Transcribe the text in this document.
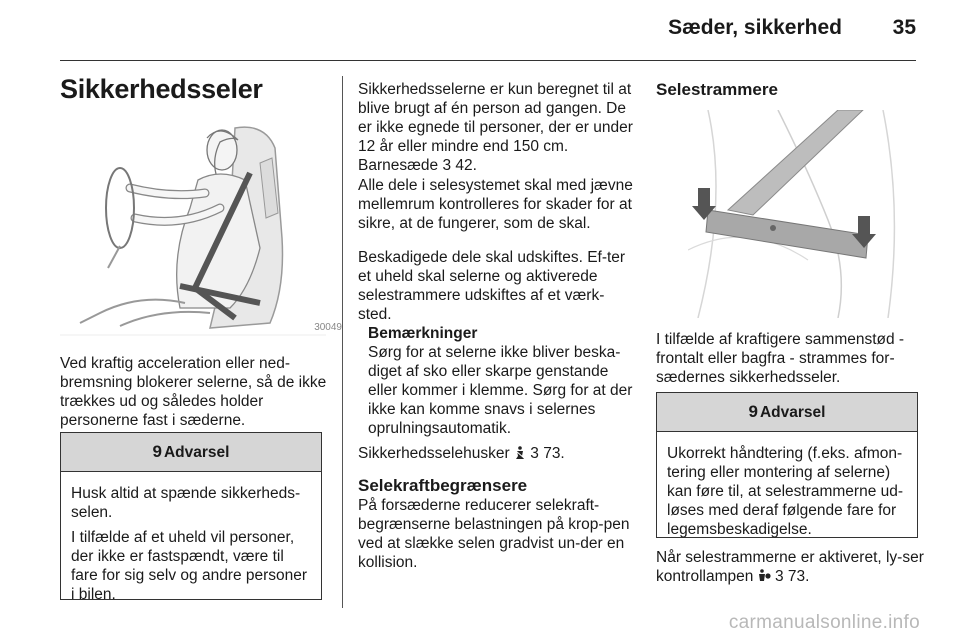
Sæder, sikkerhed 35
Sikkerhedsseler
30049

Ved kraftig acceleration eller ned-bremsning blokerer selerne, så de ikke trækkes ud og således holder personerne fast i sæderne.

9 Advarsel

Husk altid at spænde sikkerheds-selen.

I tilfælde af et uheld vil personer, der ikke er fastspændt, være til fare for sig selv og andre personer i bilen.

Sikkerhedsselerne er kun beregnet til at blive brugt af én person ad gangen. De er ikke egnede til personer, der er under 12 år eller mindre end 150 cm. Barnesæde 3 42.

Alle dele i selesystemet skal med jævne mellemrum kontrolleres for skader for at sikre, at de fungerer, som de skal.

Beskadigede dele skal udskiftes. Ef-ter et uheld skal selerne og aktiverede selestrammere udskiftes af et værk-sted.

Bemærkninger

Sørg for at selerne ikke bliver beska-diget af sko eller skarpe genstande eller kommer i klemme. Sørg for at der ikke kan komme snavs i selernes oprulningsautomatik.

Sikkerhedsselehusker 3 73.

Selekraftbegrænsere

På forsæderne reducerer selekraft-begrænserne belastningen på krop-pen ved at slække selen gradvist un-der en kollision.

Selestrammere

I tilfælde af kraftigere sammenstød - frontalt eller bagfra - strammes for-sædernes sikkerhedsseler.

9 Advarsel

Ukorrekt håndtering (f.eks. afmon-tering eller montering af selerne) kan føre til, at selestrammerne ud-løses med deraf følgende fare for legemsbeskadigelse.

Når selestrammerne er aktiveret, ly-ser kontrollampen 3 73.

carmanualsonline.info
